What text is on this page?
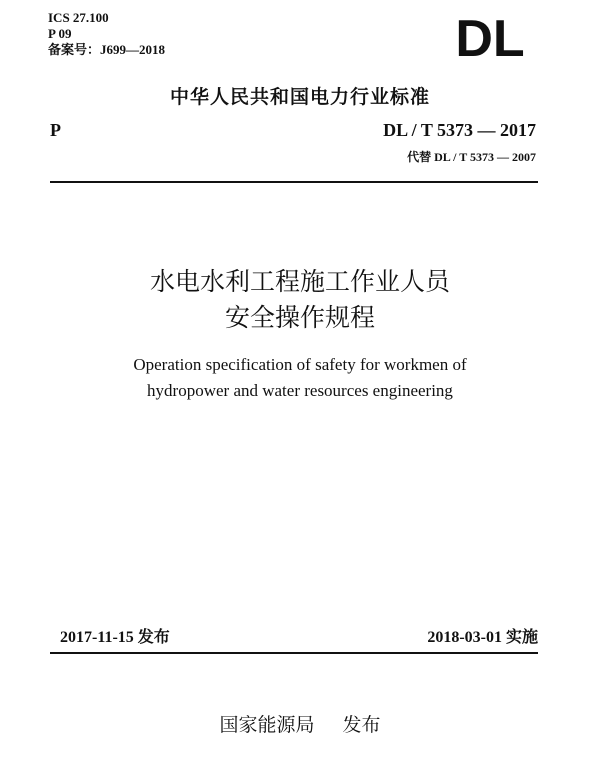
ICS 27.100
P 09
备案号：J699—2018	DL
中华人民共和国电力行业标准
P	DL / T 5373 — 2017
代替 DL / T 5373 — 2007
水电水利工程施工作业人员
安全操作规程
Operation specification of safety for workmen of
hydropower and water resources engineering
2017-11-15 发布	2018-03-01 实施
国家能源局 发布
